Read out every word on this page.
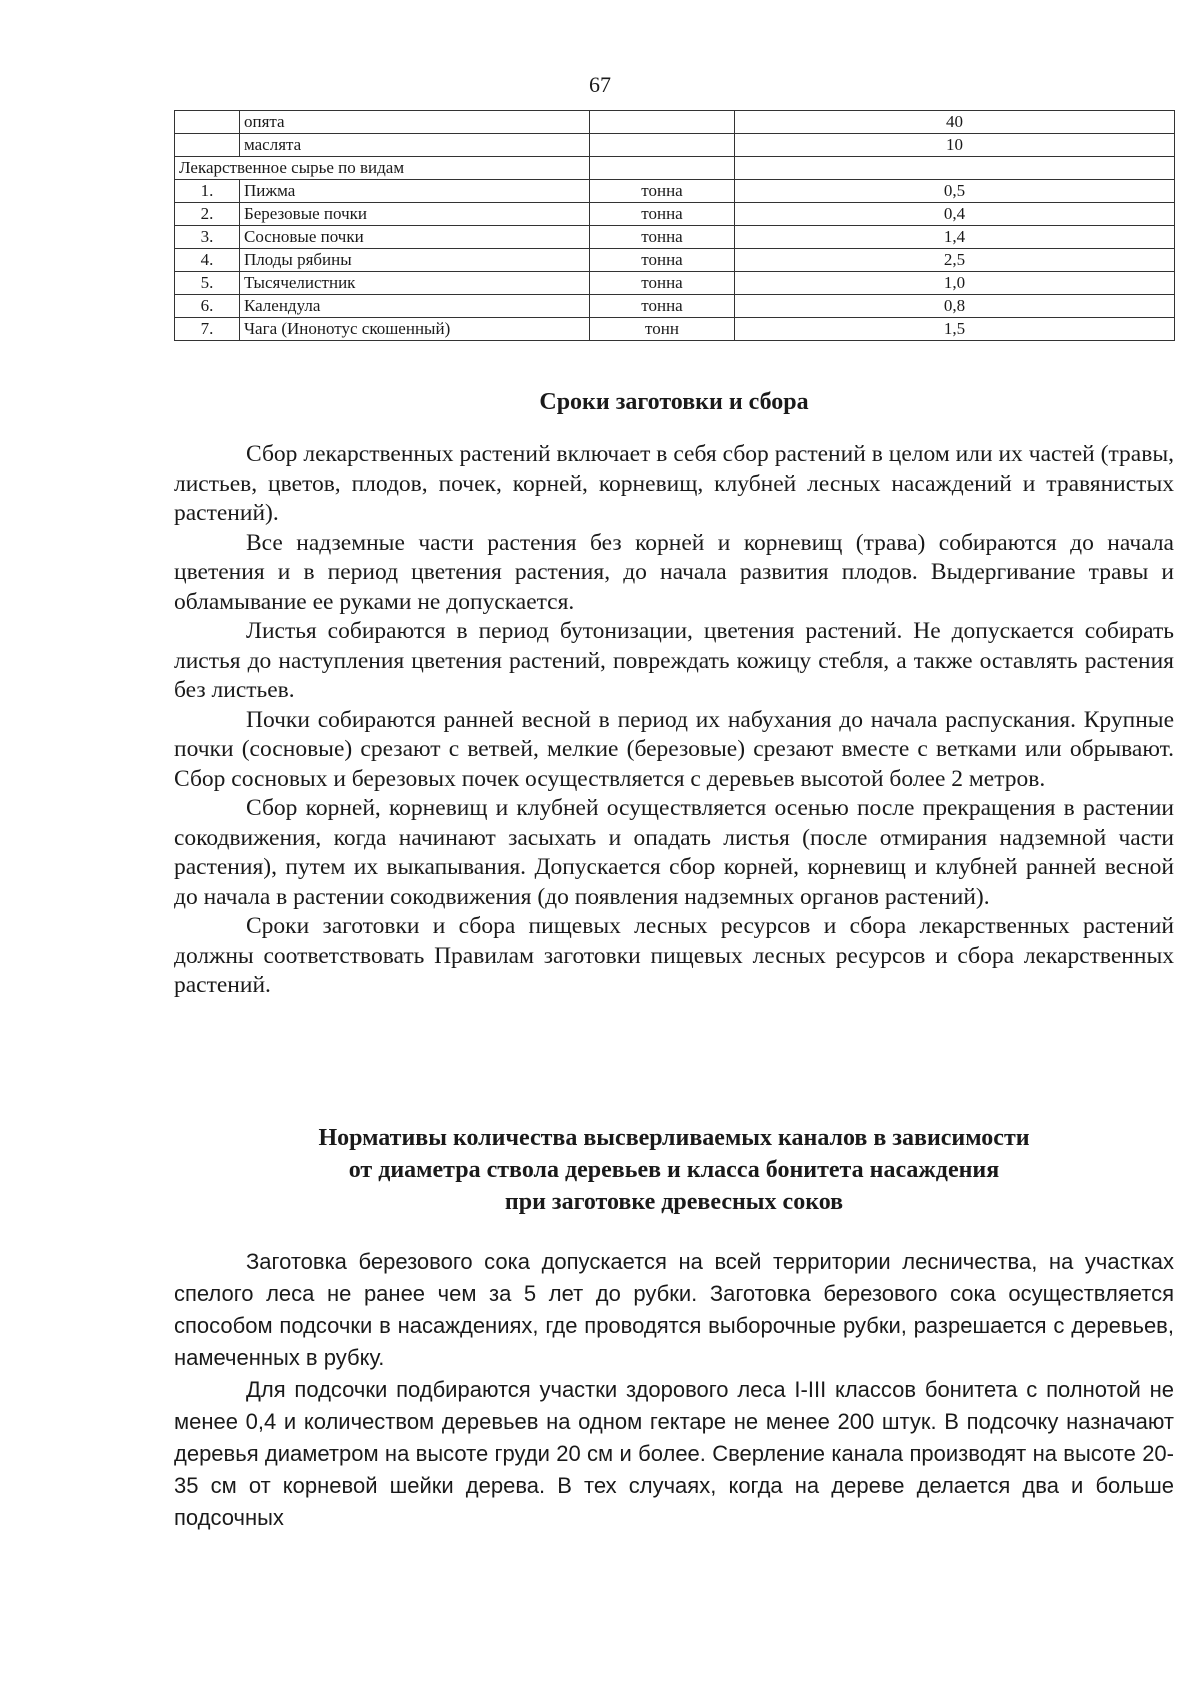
67
	опята		40
	маслята		10
Лекарственное сырье по видам			
1.	Пижма	тонна	0,5
2.	Березовые почки	тонна	0,4
3.	Сосновые почки	тонна	1,4
4.	Плоды рябины	тонна	2,5
5.	Тысячелистник	тонна	1,0
6.	Календула	тонна	0,8
7.	Чага (Инонотус скошенный)	тонн	1,5
Сроки заготовки и сбора

Сбор лекарственных растений включает в себя сбор растений в целом или их частей (травы, листьев, цветов, плодов, почек, корней, корневищ, клубней лесных насаждений и травянистых растений).

Все надземные части растения без корней и корневищ (трава) собираются до начала цветения и в период цветения растения, до начала развития плодов. Выдергивание травы и обламывание ее руками не допускается.

Листья собираются в период бутонизации, цветения растений. Не допускается собирать листья до наступления цветения растений, повреждать кожицу стебля, а также оставлять растения без листьев.

Почки собираются ранней весной в период их набухания до начала распускания. Крупные почки (сосновые) срезают с ветвей, мелкие (березовые) срезают вместе с ветками или обрывают. Сбор сосновых и березовых почек осуществляется с деревьев высотой более 2 метров.

Сбор корней, корневищ и клубней осуществляется осенью после прекращения в растении сокодвижения, когда начинают засыхать и опадать листья (после отмирания надземной части растения), путем их выкапывания. Допускается сбор корней, корневищ и клубней ранней весной до начала в растении сокодвижения (до появления надземных органов растений).

Сроки заготовки и сбора пищевых лесных ресурсов и сбора лекарственных растений должны соответствовать Правилам заготовки пищевых лесных ресурсов и сбора лекарственных растений.

Нормативы количества высверливаемых каналов в зависимости
от диаметра ствола деревьев и класса бонитета насаждения
при заготовке древесных соков

Заготовка березового сока допускается на всей территории лесничества, на участках спелого леса не ранее чем за 5 лет до рубки. Заготовка березового сока осуществляется способом подсочки в насаждениях, где проводятся выборочные рубки, разрешается с деревьев, намеченных в рубку.

Для подсочки подбираются участки здорового леса I-III классов бонитета с полнотой не менее 0,4 и количеством деревьев на одном гектаре не менее 200 штук. В подсочку назначают деревья диаметром на высоте груди 20 см и более. Сверление канала производят на высоте 20-35 см от корневой шейки дерева. В тех случаях, когда на дереве делается два и больше подсочных
